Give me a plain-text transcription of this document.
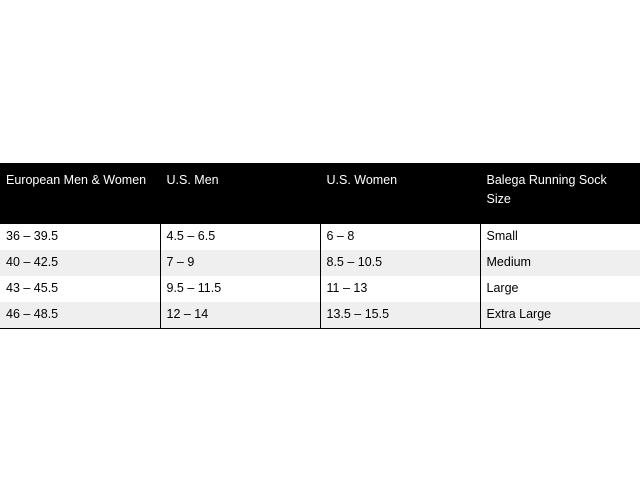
European Men & Women	U.S. Men	U.S. Women	Balega Running Sock Size
36 – 39.5	4.5 – 6.5	6 – 8	Small
40 – 42.5	7 – 9	8.5 – 10.5	Medium
43 – 45.5	9.5 – 11.5	11 – 13	Large
46 – 48.5	12 – 14	13.5 – 15.5	Extra Large
